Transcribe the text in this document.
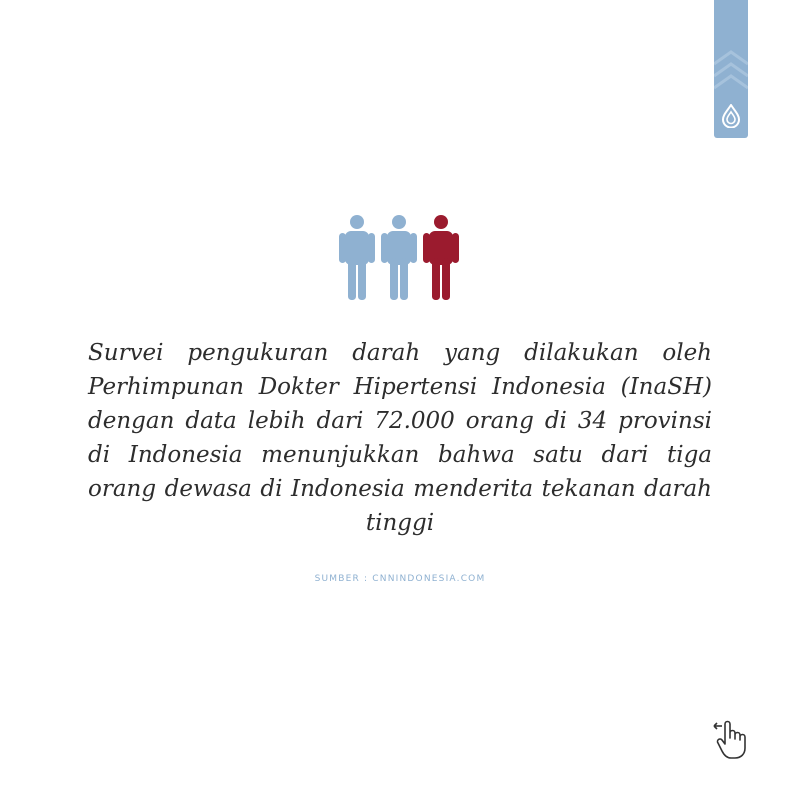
Survei pengukuran darah yang dilakukan oleh Perhimpunan Dokter Hipertensi Indonesia (InaSH) dengan data lebih dari 72.000 orang di 34 provinsi di Indonesia menunjukkan bahwa satu dari tiga orang dewasa di Indonesia menderita tekanan darah tinggi

SUMBER : CNNINDONESIA.COM
